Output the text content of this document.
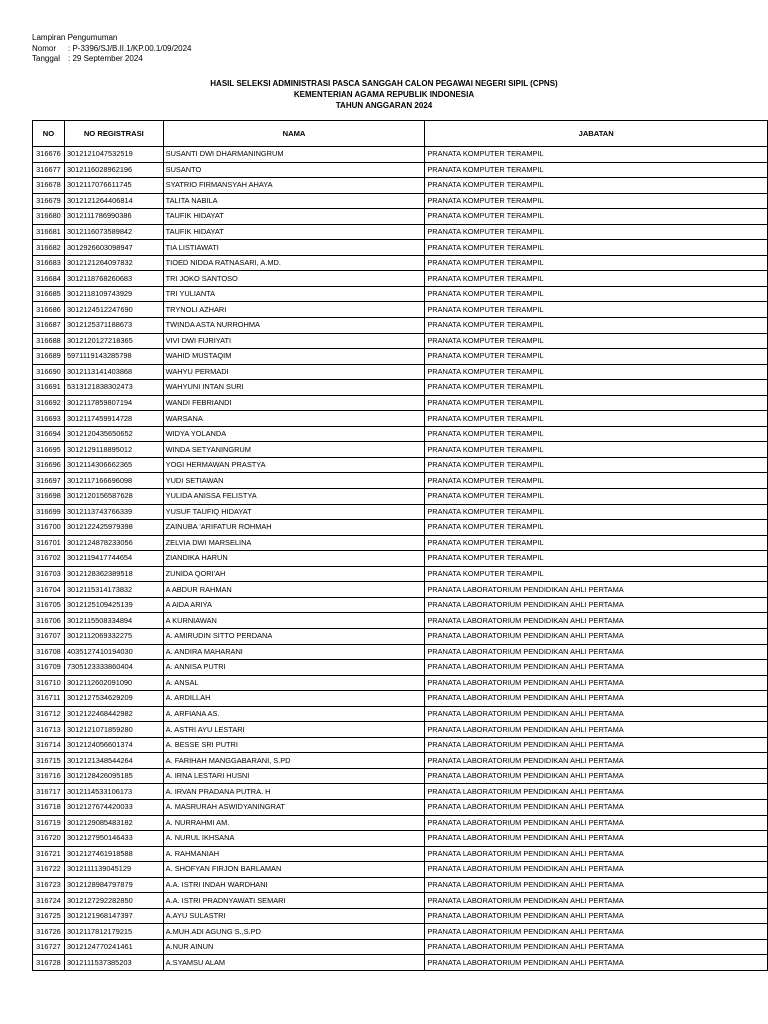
Lampiran Pengumuman
Nomor	: P-3396/SJ/B.II.1/KP.00.1/09/2024
Tanggal : 29 September 2024
HASIL SELEKSI ADMINISTRASI PASCA SANGGAH CALON PEGAWAI NEGERI SIPIL (CPNS)
KEMENTERIAN AGAMA REPUBLIK INDONESIA
TAHUN ANGGARAN 2024
NO	NO REGISTRASI	NAMA	JABATAN
316676	3012121047532519	SUSANTI DWI DHARMANINGRUM	PRANATA KOMPUTER TERAMPIL
316677	3012116028962196	SUSANTO	PRANATA KOMPUTER TERAMPIL
316678	3012117076611745	SYATRIO FIRMANSYAH AHAYA	PRANATA KOMPUTER TERAMPIL
316679	3012121264406814	TALITA NABILA	PRANATA KOMPUTER TERAMPIL
316680	3012111786990386	TAUFIK HIDAYAT	PRANATA KOMPUTER TERAMPIL
316681	3012116073589842	TAUFIK HIDAYAT	PRANATA KOMPUTER TERAMPIL
316682	3012926603098947	TIA LISTIAWATI	PRANATA KOMPUTER TERAMPIL
316683	3012121264097832	TIOED NIDDA RATNASARI, A.MD.	PRANATA KOMPUTER TERAMPIL
316684	3012118768260683	TRI JOKO SANTOSO	PRANATA KOMPUTER TERAMPIL
316685	3012118109743929	TRI YULIANTA	PRANATA KOMPUTER TERAMPIL
316686	3012124512247690	TRYNOLI AZHARI	PRANATA KOMPUTER TERAMPIL
316687	3012125371188673	TWINDA ASTA NURROHMA	PRANATA KOMPUTER TERAMPIL
316688	3012120127218365	VIVI DWI FIJRIYATI	PRANATA KOMPUTER TERAMPIL
316689	5971119143285798	WAHID MUSTAQIM	PRANATA KOMPUTER TERAMPIL
316690	3012113141403868	WAHYU PERMADI	PRANATA KOMPUTER TERAMPIL
316691	5313121838302473	WAHYUNI INTAN SURI	PRANATA KOMPUTER TERAMPIL
316692	3012117859807194	WANDI FEBRIANDI	PRANATA KOMPUTER TERAMPIL
316693	3012117459914728	WARSANA	PRANATA KOMPUTER TERAMPIL
316694	3012120435650652	WIDYA YOLANDA	PRANATA KOMPUTER TERAMPIL
316695	3012129118895012	WINDA SETYANINGRUM	PRANATA KOMPUTER TERAMPIL
316696	3012114306662365	YOGI HERMAWAN PRASTYA	PRANATA KOMPUTER TERAMPIL
316697	3012117166696098	YUDI SETIAWAN	PRANATA KOMPUTER TERAMPIL
316698	3012120156587628	YULIDA ANISSA FELISTYA	PRANATA KOMPUTER TERAMPIL
316699	3012113743766339	YUSUF TAUFIQ HIDAYAT	PRANATA KOMPUTER TERAMPIL
316700	3012122425979398	ZAINUBA 'ARIFATUR ROHMAH	PRANATA KOMPUTER TERAMPIL
316701	3012124878233056	ZELVIA DWI MARSELINA	PRANATA KOMPUTER TERAMPIL
316702	3012119417744654	ZIANDIKA HARUN	PRANATA KOMPUTER TERAMPIL
316703	3012128362389518	ZUNIDA QORI'AH	PRANATA KOMPUTER TERAMPIL
316704	3012115314173832	A ABDUR RAHMAN	PRANATA LABORATORIUM PENDIDIKAN AHLI PERTAMA
316705	3012125109425139	A AIDA ARIYA	PRANATA LABORATORIUM PENDIDIKAN AHLI PERTAMA
316706	3012115508334894	A KURNIAWAN	PRANATA LABORATORIUM PENDIDIKAN AHLI PERTAMA
316707	3012112069332275	A. AMIRUDIN SITTO PERDANA	PRANATA LABORATORIUM PENDIDIKAN AHLI PERTAMA
316708	4035127410194030	A. ANDIRA MAHARANI	PRANATA LABORATORIUM PENDIDIKAN AHLI PERTAMA
316709	7305123333860404	A. ANNISA PUTRI	PRANATA LABORATORIUM PENDIDIKAN AHLI PERTAMA
316710	3012112602091090	A. ANSAL	PRANATA LABORATORIUM PENDIDIKAN AHLI PERTAMA
316711	3012127534629209	A. ARDILLAH	PRANATA LABORATORIUM PENDIDIKAN AHLI PERTAMA
316712	3012122468442982	A. ARFIANA AS.	PRANATA LABORATORIUM PENDIDIKAN AHLI PERTAMA
316713	3012121071859280	A. ASTRI AYU LESTARI	PRANATA LABORATORIUM PENDIDIKAN AHLI PERTAMA
316714	3012124056601374	A. BESSE SRI PUTRI	PRANATA LABORATORIUM PENDIDIKAN AHLI PERTAMA
316715	3012121348544264	A. FARIHAH MANGGABARANI, S.PD	PRANATA LABORATORIUM PENDIDIKAN AHLI PERTAMA
316716	3012128426095185	A. IRNA LESTARI HUSNI	PRANATA LABORATORIUM PENDIDIKAN AHLI PERTAMA
316717	3012114533106173	A. IRVAN PRADANA PUTRA. H	PRANATA LABORATORIUM PENDIDIKAN AHLI PERTAMA
316718	3012127674420033	A. MASRURAH ASWIDYANINGRAT	PRANATA LABORATORIUM PENDIDIKAN AHLI PERTAMA
316719	3012129085483182	A. NURRAHMI AM.	PRANATA LABORATORIUM PENDIDIKAN AHLI PERTAMA
316720	3012127950146433	A. NURUL IKHSANA	PRANATA LABORATORIUM PENDIDIKAN AHLI PERTAMA
316721	3012127461918588	A. RAHMANIAH	PRANATA LABORATORIUM PENDIDIKAN AHLI PERTAMA
316722	3012111139045129	A. SHOFYAN FIRJON BARLAMAN	PRANATA LABORATORIUM PENDIDIKAN AHLI PERTAMA
316723	3012128984797879	A.A. ISTRI INDAH WARDHANI	PRANATA LABORATORIUM PENDIDIKAN AHLI PERTAMA
316724	3012127292282850	A.A. ISTRI PRADNYAWATI SEMARI	PRANATA LABORATORIUM PENDIDIKAN AHLI PERTAMA
316725	3012121968147397	A.AYU SULASTRI	PRANATA LABORATORIUM PENDIDIKAN AHLI PERTAMA
316726	3012117812179215	A.MUH.ADI AGUNG S.,S.PD	PRANATA LABORATORIUM PENDIDIKAN AHLI PERTAMA
316727	3012124770241461	A.NUR AINUN	PRANATA LABORATORIUM PENDIDIKAN AHLI PERTAMA
316728	3012111537385203	A.SYAMSU ALAM	PRANATA LABORATORIUM PENDIDIKAN AHLI PERTAMA
